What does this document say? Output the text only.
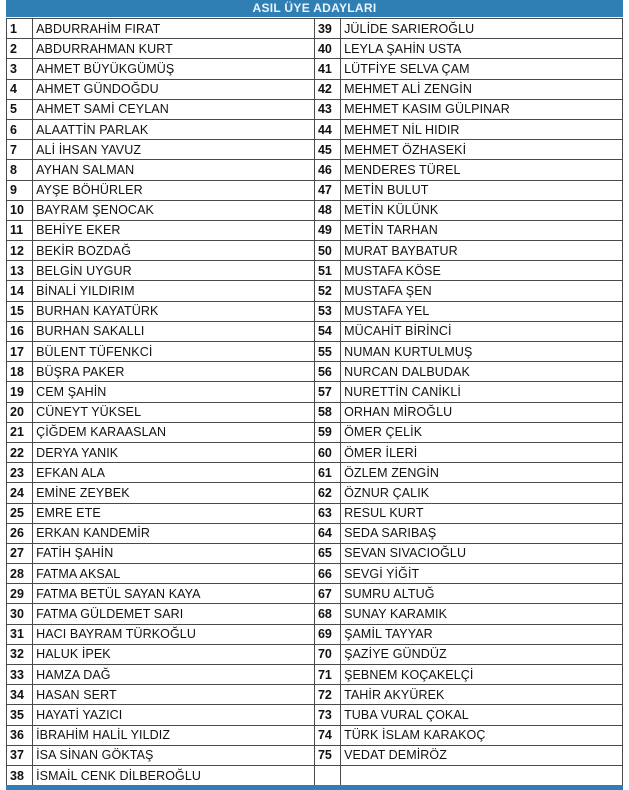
ASIL ÜYE ADAYLARI
1	ABDURRAHİM FIRAT	39	JÜLİDE SARIEROĞLU
2	ABDURRAHMAN KURT	40	LEYLA ŞAHİN USTA
3	AHMET BÜYÜKGÜMÜŞ	41	LÜTFİYE SELVA ÇAM
4	AHMET GÜNDOĞDU	42	MEHMET ALİ ZENGİN
5	AHMET SAMİ CEYLAN	43	MEHMET KASIM GÜLPINAR
6	ALAATTİN PARLAK	44	MEHMET NİL HIDIR
7	ALİ İHSAN YAVUZ	45	MEHMET ÖZHASEKİ
8	AYHAN SALMAN	46	MENDERES TÜREL
9	AYŞE BÖHÜRLER	47	METİN BULUT
10	BAYRAM ŞENOCAK	48	METİN KÜLÜNK
11	BEHİYE EKER	49	METİN TARHAN
12	BEKİR BOZDAĞ	50	MURAT BAYBATUR
13	BELGİN UYGUR	51	MUSTAFA KÖSE
14	BİNALİ YILDIRIM	52	MUSTAFA ŞEN
15	BURHAN KAYATÜRK	53	MUSTAFA YEL
16	BURHAN SAKALLI	54	MÜCAHİT BİRİNCİ
17	BÜLENT TÜFENKCİ	55	NUMAN KURTULMUŞ
18	BÜŞRA PAKER	56	NURCAN DALBUDAK
19	CEM ŞAHİN	57	NURETTİN CANİKLİ
20	CÜNEYT YÜKSEL	58	ORHAN MİROĞLU
21	ÇİĞDEM KARAASLAN	59	ÖMER ÇELİK
22	DERYA YANIK	60	ÖMER İLERİ
23	EFKAN ALA	61	ÖZLEM ZENGİN
24	EMİNE ZEYBEK	62	ÖZNUR ÇALIK
25	EMRE ETE	63	RESUL KURT
26	ERKAN KANDEMİR	64	SEDA SARIBAŞ
27	FATİH ŞAHİN	65	SEVAN SIVACIOĞLU
28	FATMA AKSAL	66	SEVGİ YİĞİT
29	FATMA BETÜL SAYAN KAYA	67	SUMRU ALTUĞ
30	FATMA GÜLDEMET SARI	68	SUNAY KARAMIK
31	HACI BAYRAM TÜRKOĞLU	69	ŞAMİL TAYYAR
32	HALUK İPEK	70	ŞAZİYE GÜNDÜZ
33	HAMZA DAĞ	71	ŞEBNEM KOÇAKELÇİ
34	HASAN SERT	72	TAHİR AKYÜREK
35	HAYATİ YAZICI	73	TUBA VURAL ÇOKAL
36	İBRAHİM HALİL YILDIZ	74	TÜRK İSLAM KARAKOÇ
37	İSA SİNAN GÖKTAŞ	75	VEDAT DEMİRÖZ
38	İSMAİL CENK DİLBEROĞLU		
